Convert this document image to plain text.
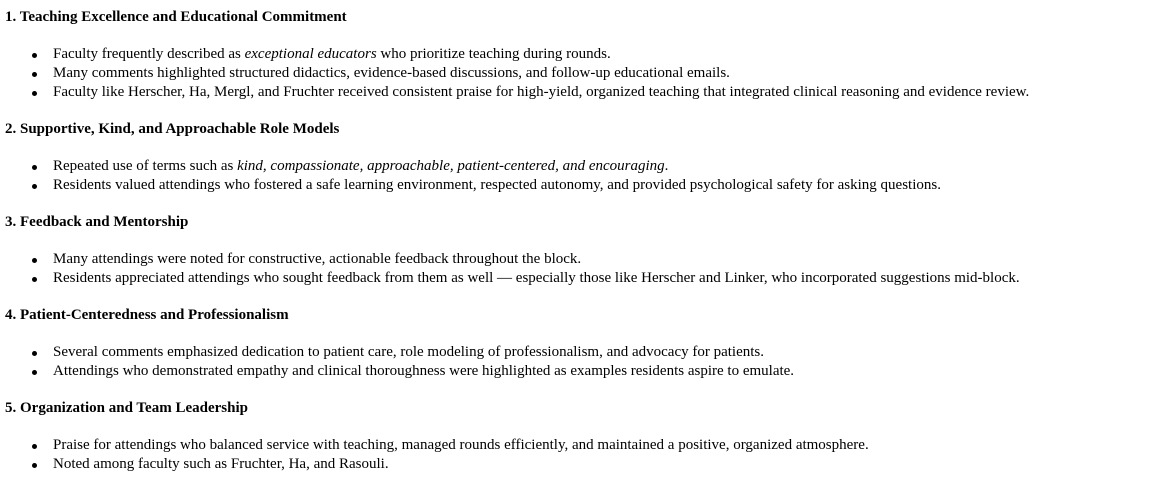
1. Teaching Excellence and Educational Commitment
Faculty frequently described as exceptional educators who prioritize teaching during rounds.
Many comments highlighted structured didactics, evidence-based discussions, and follow-up educational emails.
Faculty like Herscher, Ha, Mergl, and Fruchter received consistent praise for high-yield, organized teaching that integrated clinical reasoning and evidence review.
2. Supportive, Kind, and Approachable Role Models
Repeated use of terms such as kind, compassionate, approachable, patient-centered, and encouraging.
Residents valued attendings who fostered a safe learning environment, respected autonomy, and provided psychological safety for asking questions.
3. Feedback and Mentorship
Many attendings were noted for constructive, actionable feedback throughout the block.
Residents appreciated attendings who sought feedback from them as well — especially those like Herscher and Linker, who incorporated suggestions mid-block.
4. Patient-Centeredness and Professionalism
Several comments emphasized dedication to patient care, role modeling of professionalism, and advocacy for patients.
Attendings who demonstrated empathy and clinical thoroughness were highlighted as examples residents aspire to emulate.
5. Organization and Team Leadership
Praise for attendings who balanced service with teaching, managed rounds efficiently, and maintained a positive, organized atmosphere.
Noted among faculty such as Fruchter, Ha, and Rasouli.
